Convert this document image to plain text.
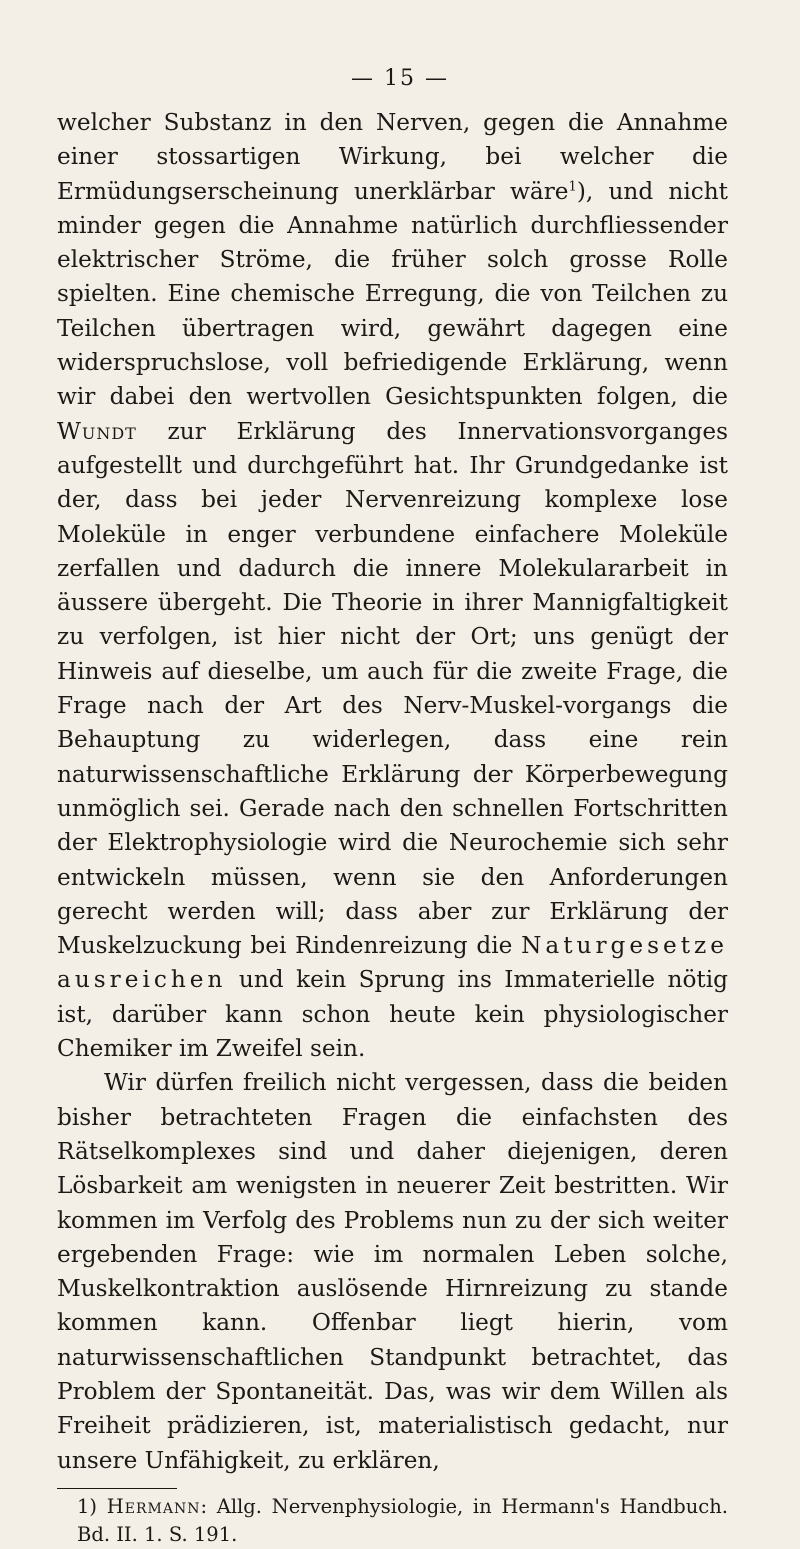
— 15 —

welcher Substanz in den Nerven, gegen die Annahme einer stossartigen Wirkung, bei welcher die Ermüdungserscheinung unerklärbar wäre$^1$), und nicht minder gegen die Annahme natürlich durchfliessender elektrischer Ströme, die früher solch grosse Rolle spielten. Eine chemische Erregung, die von Teilchen zu Teilchen übertragen wird, gewährt dagegen eine widerspruchslose, voll befriedigende Erklärung, wenn wir dabei den wertvollen Gesichtspunkten folgen, die Wundt zur Erklärung des Innervationsvorganges aufgestellt und durchgeführt hat. Ihr Grundgedanke ist der, dass bei jeder Nervenreizung komplexe lose Moleküle in enger verbundene einfachere Moleküle zerfallen und dadurch die innere Molekulararbeit in äussere übergeht. Die Theorie in ihrer Mannigfaltigkeit zu verfolgen, ist hier nicht der Ort; uns genügt der Hinweis auf dieselbe, um auch für die zweite Frage, die Frage nach der Art des Nerv-Muskel-vorgangs die Behauptung zu widerlegen, dass eine rein naturwissenschaftliche Erklärung der Körperbewegung unmöglich sei. Gerade nach den schnellen Fortschritten der Elektrophysiologie wird die Neurochemie sich sehr entwickeln müssen, wenn sie den Anforderungen gerecht werden will; dass aber zur Erklärung der Muskelzuckung bei Rindenreizung die Naturgesetze ausreichen und kein Sprung ins Immaterielle nötig ist, darüber kann schon heute kein physiologischer Chemiker im Zweifel sein.

Wir dürfen freilich nicht vergessen, dass die beiden bisher betrachteten Fragen die einfachsten des Rätselkomplexes sind und daher diejenigen, deren Lösbarkeit am wenigsten in neuerer Zeit bestritten. Wir kommen im Verfolg des Problems nun zu der sich weiter ergebenden Frage: wie im normalen Leben solche, Muskelkontraktion auslösende Hirnreizung zu stande kommen kann. Offenbar liegt hierin, vom naturwissenschaftlichen Standpunkt betrachtet, das Problem der Spontaneität. Das, was wir dem Willen als Freiheit prädizieren, ist, materialistisch gedacht, nur unsere Unfähigkeit, zu erklären,

1) Hermann: Allg. Nervenphysiologie, in Hermann's Handbuch. Bd. II. 1. S. 191.
